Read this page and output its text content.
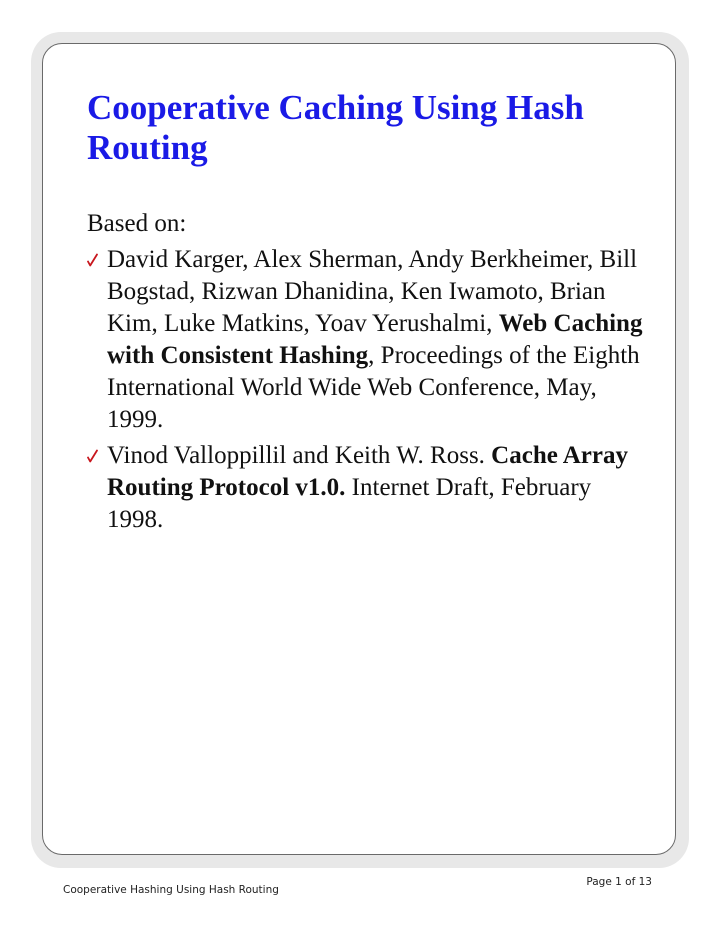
Cooperative Caching Using Hash Routing

Based on:

David Karger, Alex Sherman, Andy Berkheimer, Bill Bogstad, Rizwan Dhanidina, Ken Iwamoto, Brian Kim, Luke Matkins, Yoav Yerushalmi, Web Caching with Consistent Hashing, Proceedings of the Eighth International World Wide Web Conference, May, 1999.
Vinod Valloppillil and Keith W. Ross. Cache Array Routing Protocol v1.0. Internet Draft, February 1998.
Cooperative Hashing Using Hash Routing
Page 1 of 13
